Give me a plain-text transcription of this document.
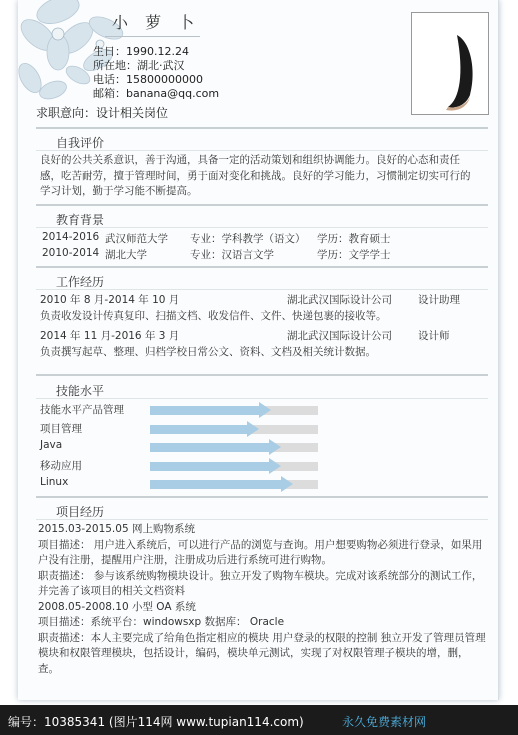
小 萝 卜
生日：1990.12.24
所在地：湖北·武汉
电话：15800000000
邮箱：banana@qq.com
求职意向：设计相关岗位
自我评价
良好的公共关系意识，善于沟通，具备一定的活动策划和组织协调能力。良好的心态和责任感，吃苦耐劳，擅于管理时间，勇于面对变化和挑战。良好的学习能力，习惯制定切实可行的学习计划，勤于学习能不断提高。
教育背景
2014-2016 武汉师范大学 专业：学科教学（语文） 学历：教育硕士
2010-2014 湖北大学	专业：汉语言文学	学历：文学学士
工作经历
2010 年 8 月-2014 年 10 月	湖北武汉国际设计公司 设计助理
负责收发设计传真复印、扫描文档、收发信件、文件、快递包裹的接收等。
2014 年 11 月-2016 年 3 月	湖北武汉国际设计公司 设计师
负责撰写起草、整理、归档学校日常公文、资料、文档及相关统计数据。
技能水平
技能水平产品管理
项目管理
Java
移动应用
Linux
项目经历
2015.03-2015.05 网上购物系统
项目描述： 用户进入系统后，可以进行产品的浏览与查询。用户想要购物必须进行登录，如果用户没有注册，提醒用户注册，注册成功后进行系统可进行购物。
职责描述： 参与该系统购物模块设计。独立开发了购物车模块。完成对该系统部分的测试工作，并完善了该项目的相关文档资料
2008.05-2008.10 小型 OA 系统
项目描述：系统平台：windowsxp 数据库： Oracle
职责描述：本人主要完成了给角色指定相应的模块 用户登录的权限的控制 独立开发了管理员管理模块和权限管理模块，包括设计，编码，模块单元测试，实现了对权限管理子模块的增，删，查。
编号：10385341 (图片114网 www.tupian114.com)	永久免费素材网
